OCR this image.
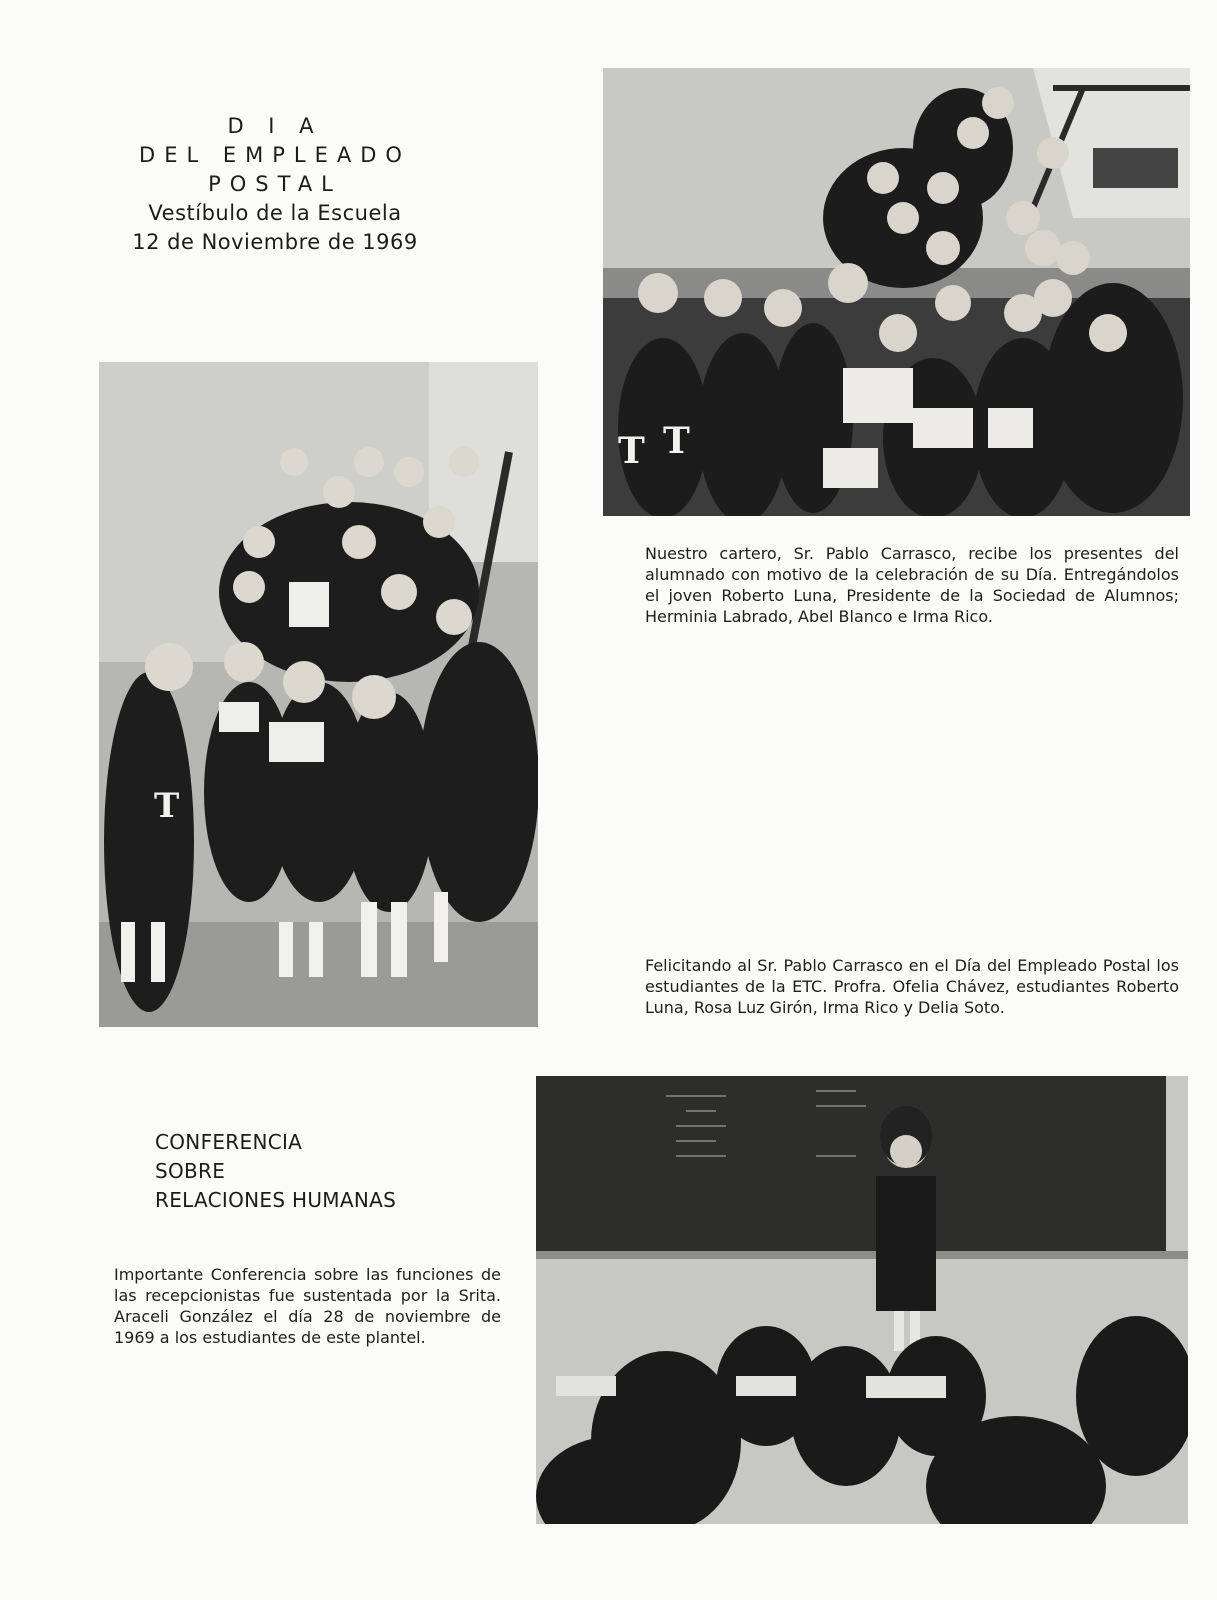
D I A
DEL EMPLEADO
POSTAL
Vestíbulo de la Escuela
12 de Noviembre de 1969
T T
T
Nuestro cartero, Sr. Pablo Carrasco, recibe los presentes del alumnado con motivo de la celebración de su Día. Entregándolos el joven Roberto Luna, Presidente de la Sociedad de Alumnos; Herminia Labrado, Abel Blanco e Irma Rico.
Felicitando al Sr. Pablo Carrasco en el Día del Empleado Postal los estudiantes de la ETC. Profra. Ofelia Chávez, estudiantes Roberto Luna, Rosa Luz Girón, Irma Rico y Delia Soto.
CONFERENCIA
SOBRE
RELACIONES HUMANAS
Importante Conferencia sobre las funciones de las recepcionistas fue sustentada por la Srita. Araceli González el día 28 de noviembre de 1969 a los estudiantes de este plantel.
